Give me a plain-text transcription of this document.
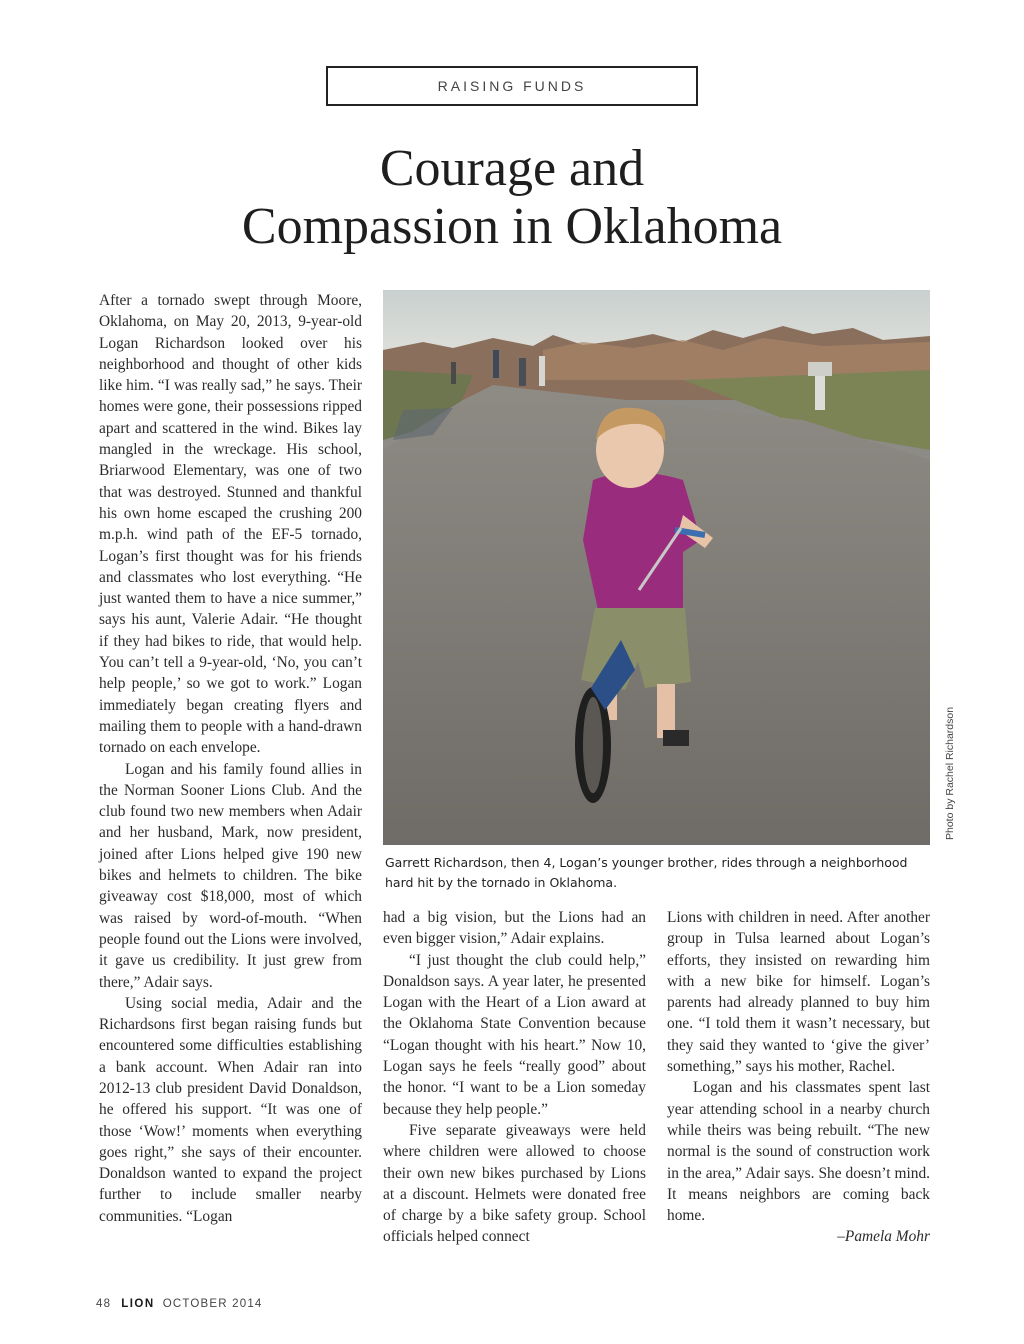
RAISING FUNDS
Courage and
Compassion in Oklahoma

After a tornado swept through Moore, Oklahoma, on May 20, 2013, 9-year-old Logan Richardson looked over his neighborhood and thought of other kids like him. “I was really sad,” he says. Their homes were gone, their possessions ripped apart and scattered in the wind. Bikes lay mangled in the wreckage. His school, Briarwood Elementary, was one of two that was destroyed. Stunned and thankful his own home escaped the crushing 200 m.p.h. wind path of the EF-5 tornado, Logan’s first thought was for his friends and classmates who lost everything. “He just wanted them to have a nice summer,” says his aunt, Valerie Adair. “He thought if they had bikes to ride, that would help. You can’t tell a 9-year-old, ‘No, you can’t help people,’ so we got to work.” Logan immediately began creating flyers and mailing them to people with a hand-drawn tornado on each envelope.

Logan and his family found allies in the Norman Sooner Lions Club. And the club found two new members when Adair and her husband, Mark, now president, joined after Lions helped give 190 new bikes and helmets to children. The bike giveaway cost $18,000, most of which was raised by word-of-mouth. “When people found out the Lions were involved, it gave us credibility. It just grew from there,” Adair says.

Using social media, Adair and the Richardsons first began raising funds but encountered some difficulties establishing a bank account. When Adair ran into 2012-13 club president David Donaldson, he offered his support. “It was one of those ‘Wow!’ moments when everything goes right,” she says of their encounter. Donaldson wanted to expand the project further to include smaller nearby communities. “Logan

Garrett Richardson, then 4, Logan’s younger brother, rides through a neighborhood hard hit by the tornado in Oklahoma.
Photo by Rachel Richardson

had a big vision, but the Lions had an even bigger vision,” Adair explains.

“I just thought the club could help,” Donaldson says. A year later, he presented Logan with the Heart of a Lion award at the Oklahoma State Convention because “Logan thought with his heart.” Now 10, Logan says he feels “really good” about the honor. “I want to be a Lion someday because they help people.”

Five separate giveaways were held where children were allowed to choose their own new bikes purchased by Lions at a discount. Helmets were donated free of charge by a bike safety group. School officials helped connect

Lions with children in need. After another group in Tulsa learned about Logan’s efforts, they insisted on rewarding him with a new bike for himself. Logan’s parents had already planned to buy him one. “I told them it wasn’t necessary, but they said they wanted to ‘give the giver’ something,” says his mother, Rachel.

Logan and his classmates spent last year attending school in a nearby church while theirs was being rebuilt. “The new normal is the sound of construction work in the area,” Adair says. She doesn’t mind. It means neighbors are coming back home.

–Pamela Mohr

48 LION OCTOBER 2014
